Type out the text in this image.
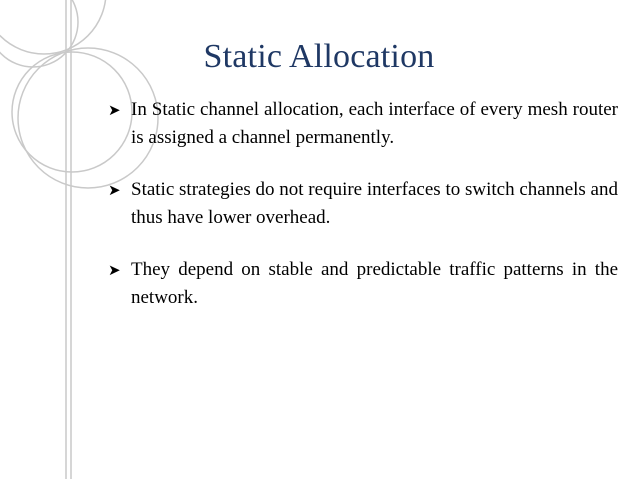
Static Allocation
➤ In Static channel allocation, each interface of every mesh router is assigned a channel permanently.
➤ Static strategies do not require interfaces to switch channels and thus have lower overhead.
➤ They depend on stable and predictable traffic patterns in the network.
